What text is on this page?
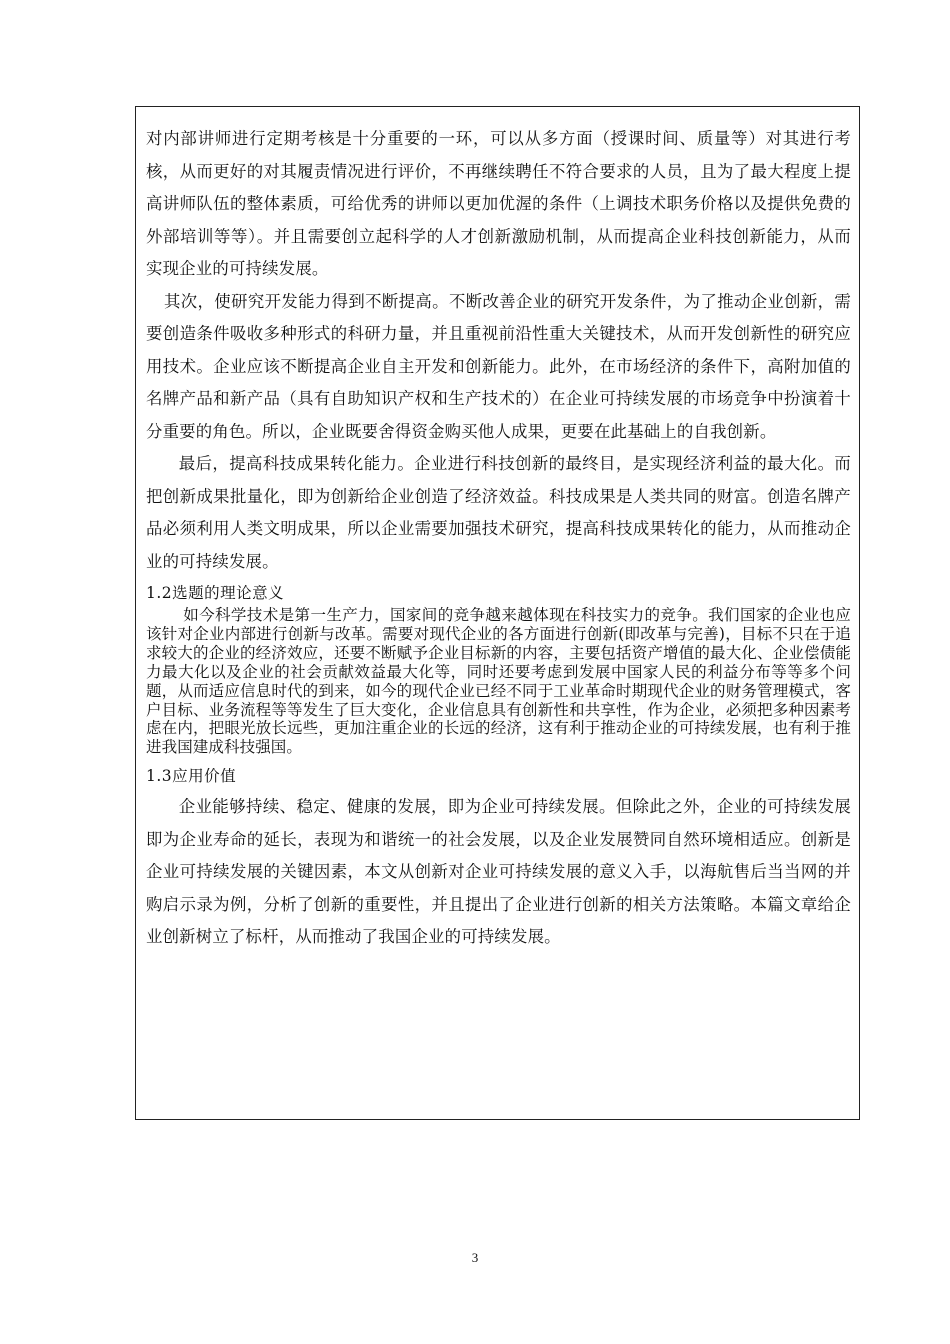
对内部讲师进行定期考核是十分重要的一环，可以从多方面（授课时间、质量等）对其进行考核，从而更好的对其履责情况进行评价，不再继续聘任不符合要求的人员，且为了最大程度上提高讲师队伍的整体素质，可给优秀的讲师以更加优渥的条件（上调技术职务价格以及提供免费的外部培训等等）。并且需要创立起科学的人才创新激励机制，从而提高企业科技创新能力，从而实现企业的可持续发展。

其次，使研究开发能力得到不断提高。不断改善企业的研究开发条件，为了推动企业创新，需要创造条件吸收多种形式的科研力量，并且重视前沿性重大关键技术，从而开发创新性的研究应用技术。企业应该不断提高企业自主开发和创新能力。此外，在市场经济的条件下，高附加值的名牌产品和新产品（具有自助知识产权和生产技术的）在企业可持续发展的市场竞争中扮演着十分重要的角色。所以，企业既要舍得资金购买他人成果，更要在此基础上的自我创新。

最后，提高科技成果转化能力。企业进行科技创新的最终目，是实现经济利益的最大化。而把创新成果批量化，即为创新给企业创造了经济效益。科技成果是人类共同的财富。创造名牌产品必须利用人类文明成果，所以企业需要加强技术研究，提高科技成果转化的能力，从而推动企业的可持续发展。

1.2选题的理论意义

如今科学技术是第一生产力，国家间的竞争越来越体现在科技实力的竞争。我们国家的企业也应该针对企业内部进行创新与改革。需要对现代企业的各方面进行创新(即改革与完善)，目标不只在于追求较大的企业的经济效应，还要不断赋予企业目标新的内容，主要包括资产增值的最大化、企业偿债能力最大化以及企业的社会贡献效益最大化等，同时还要考虑到发展中国家人民的利益分布等等多个问题，从而适应信息时代的到来，如今的现代企业已经不同于工业革命时期现代企业的财务管理模式，客户目标、业务流程等等发生了巨大变化，企业信息具有创新性和共享性，作为企业，必须把多种因素考虑在内，把眼光放长远些，更加注重企业的长远的经济，这有利于推动企业的可持续发展，也有利于推进我国建成科技强国。

1.3应用价值

企业能够持续、稳定、健康的发展，即为企业可持续发展。但除此之外，企业的可持续发展即为企业寿命的延长，表现为和谐统一的社会发展，以及企业发展赞同自然环境相适应。创新是企业可持续发展的关键因素，本文从创新对企业可持续发展的意义入手，以海航售后当当网的并购启示录为例，分析了创新的重要性，并且提出了企业进行创新的相关方法策略。本篇文章给企业创新树立了标杆，从而推动了我国企业的可持续发展。

3
